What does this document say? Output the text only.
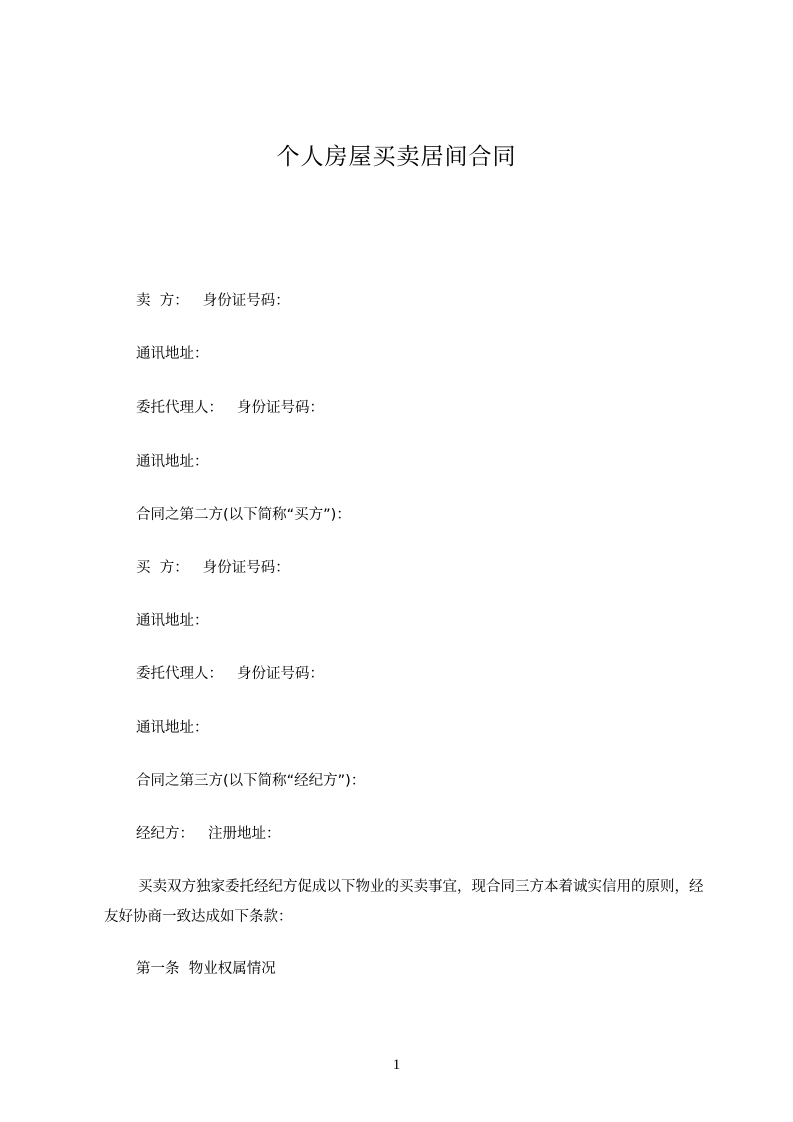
个人房屋买卖居间合同
卖  方： 身份证号码：
通讯地址：
委托代理人： 身份证号码：
通讯地址：
合同之第二方(以下简称“买方”)：
买  方： 身份证号码：
通讯地址：
委托代理人： 身份证号码：
通讯地址：
合同之第三方(以下简称“经纪方”)：
经纪方： 注册地址：
买卖双方独家委托经纪方促成以下物业的买卖事宜，现合同三方本着诚实信用的原则，经友好协商一致达成如下条款：
第一条  物业权属情况
1
